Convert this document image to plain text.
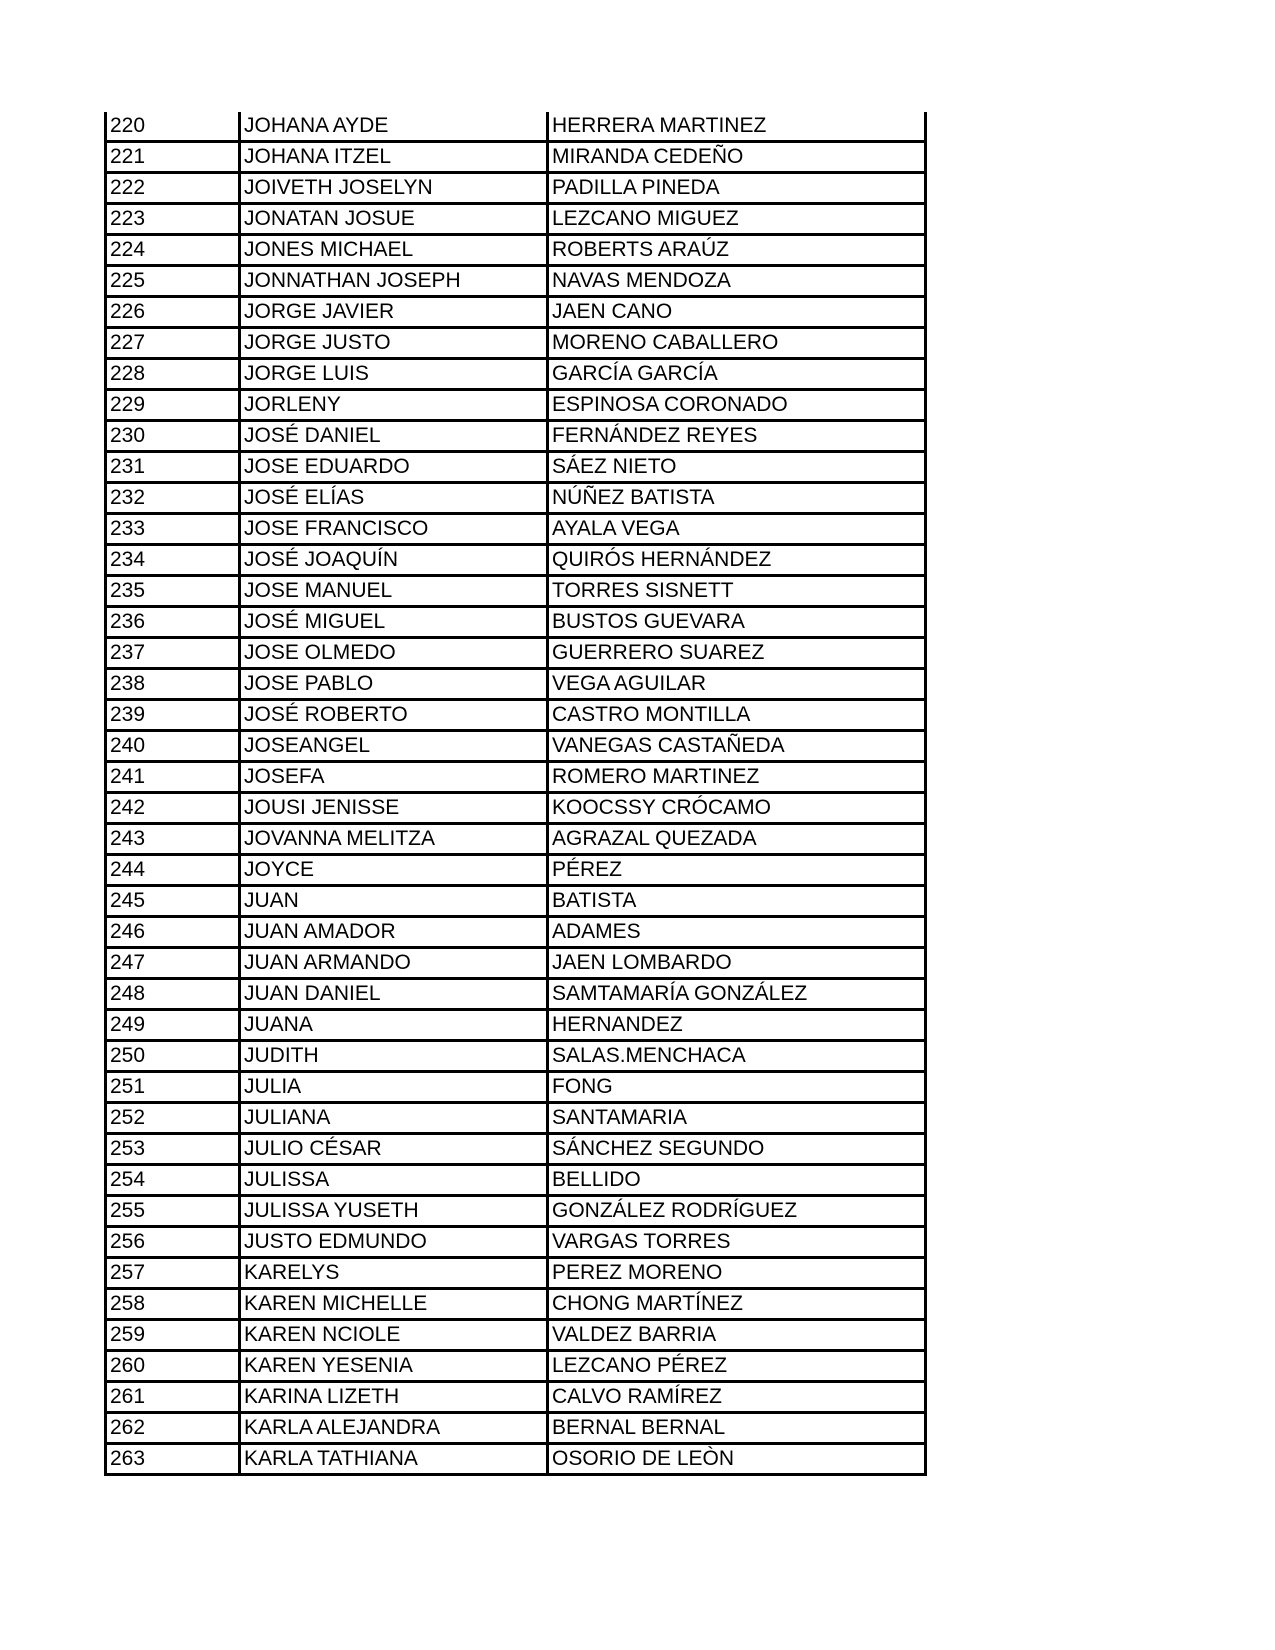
220	JOHANA AYDE	HERRERA MARTINEZ
221	JOHANA ITZEL	MIRANDA CEDEÑO
222	JOIVETH JOSELYN	PADILLA PINEDA
223	JONATAN JOSUE	LEZCANO MIGUEZ
224	JONES MICHAEL	ROBERTS ARAÚZ
225	JONNATHAN JOSEPH	NAVAS MENDOZA
226	JORGE JAVIER	JAEN CANO
227	JORGE JUSTO	MORENO CABALLERO
228	JORGE LUIS	GARCÍA GARCÍA
229	JORLENY	ESPINOSA CORONADO
230	JOSÉ DANIEL	FERNÁNDEZ REYES
231	JOSE EDUARDO	SÁEZ NIETO
232	JOSÉ ELÍAS	NÚÑEZ BATISTA
233	JOSE FRANCISCO	AYALA VEGA
234	JOSÉ JOAQUÍN	QUIRÓS HERNÁNDEZ
235	JOSE MANUEL	TORRES SISNETT
236	JOSÉ MIGUEL	BUSTOS GUEVARA
237	JOSE OLMEDO	GUERRERO SUAREZ
238	JOSE PABLO	VEGA AGUILAR
239	JOSÉ ROBERTO	CASTRO MONTILLA
240	JOSEANGEL	VANEGAS CASTAÑEDA
241	JOSEFA	ROMERO MARTINEZ
242	JOUSI JENISSE	KOOCSSY CRÓCAMO
243	JOVANNA MELITZA	AGRAZAL QUEZADA
244	JOYCE	PÉREZ
245	JUAN	BATISTA
246	JUAN AMADOR	ADAMES
247	JUAN ARMANDO	JAEN LOMBARDO
248	JUAN DANIEL	SAMTAMARÍA GONZÁLEZ
249	JUANA	HERNANDEZ
250	JUDITH	SALAS.MENCHACA
251	JULIA	FONG
252	JULIANA	SANTAMARIA
253	JULIO CÉSAR	SÁNCHEZ SEGUNDO
254	JULISSA	BELLIDO
255	JULISSA YUSETH	GONZÁLEZ RODRÍGUEZ
256	JUSTO EDMUNDO	VARGAS TORRES
257	KARELYS	PEREZ MORENO
258	KAREN MICHELLE	CHONG MARTÍNEZ
259	KAREN NCIOLE	VALDEZ BARRIA
260	KAREN YESENIA	LEZCANO PÉREZ
261	KARINA LIZETH	CALVO RAMÍREZ
262	KARLA ALEJANDRA	BERNAL BERNAL
263	KARLA TATHIANA	OSORIO DE LEÒN
